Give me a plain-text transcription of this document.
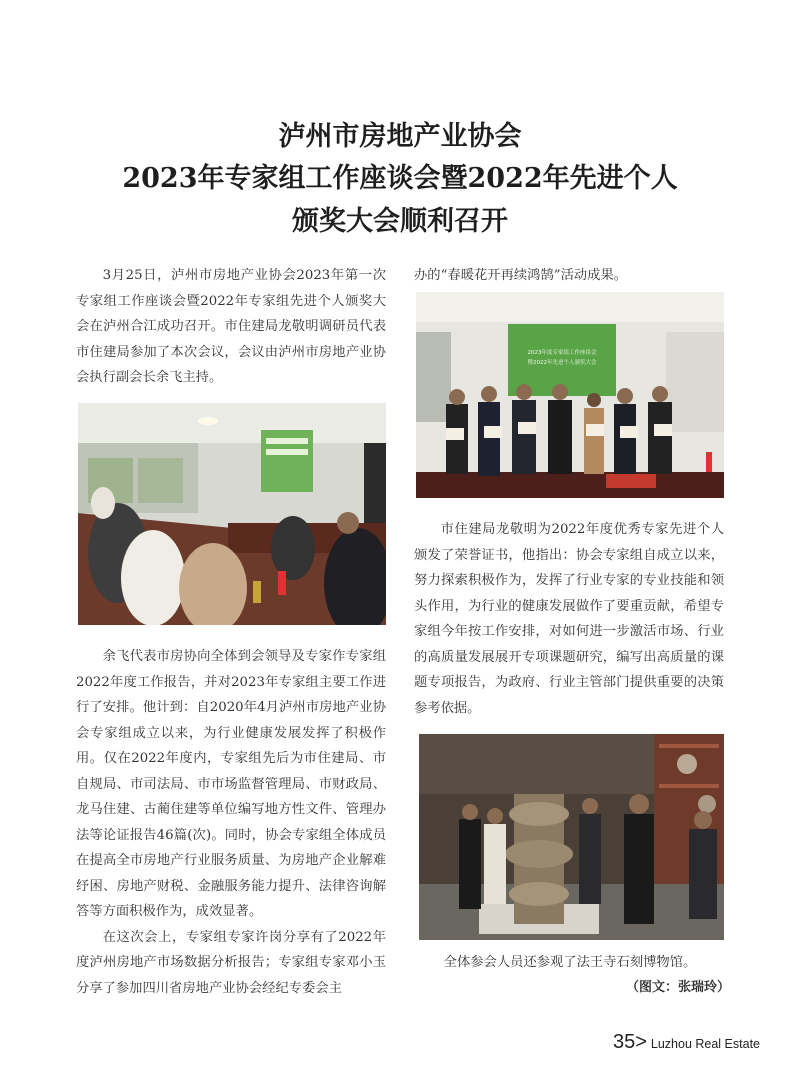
泸州市房地产业协会
2023年专家组工作座谈会暨2022年先进个人
颁奖大会顺利召开

3月25日，泸州市房地产业协会2023年第一次专家组工作座谈会暨2022年专家组先进个人颁奖大会在泸州合江成功召开。市住建局龙敬明调研员代表市住建局参加了本次会议，会议由泸州市房地产业协会执行副会长余飞主持。

余飞代表市房协向全体到会领导及专家作专家组2022年度工作报告，并对2023年专家组主要工作进行了安排。他计到：自2020年4月泸州市房地产业协会专家组成立以来，为行业健康发展发挥了积极作用。仅在2022年度内，专家组先后为市住建局、市自规局、市司法局、市市场监督管理局、市财政局、龙马住建、古蔺住建等单位编写地方性文件、管理办法等论证报告46篇(次)。同时，协会专家组全体成员在提高全市房地产行业服务质量、为房地产企业解难纾困、房地产财税、金融服务能力提升、法律咨询解答等方面积极作为，成效显著。

在这次会上，专家组专家许岗分享有了2022年度泸州房地产市场数据分析报告；专家组专家邓小玉分享了参加四川省房地产业协会经纪专委会主

办的“春暖花开再续鸿鹄”活动成果。

2023年度专家组工作座谈会
暨2022年先进个人颁奖大会

市住建局龙敬明为2022年度优秀专家先进个人颁发了荣誉证书，他指出：协会专家组自成立以来，努力探索积极作为，发挥了行业专家的专业技能和领头作用，为行业的健康发展做作了要重贡献，希望专家组今年按工作安排，对如何进一步激活市场、行业的高质量发展展开专项课题研究，编写出高质量的课题专项报告，为政府、行业主管部门提供重要的决策参考依据。

全体参会人员还参观了法王寺石刻博物馆。
（图文：张瑞玲）
35> Luzhou Real Estate
